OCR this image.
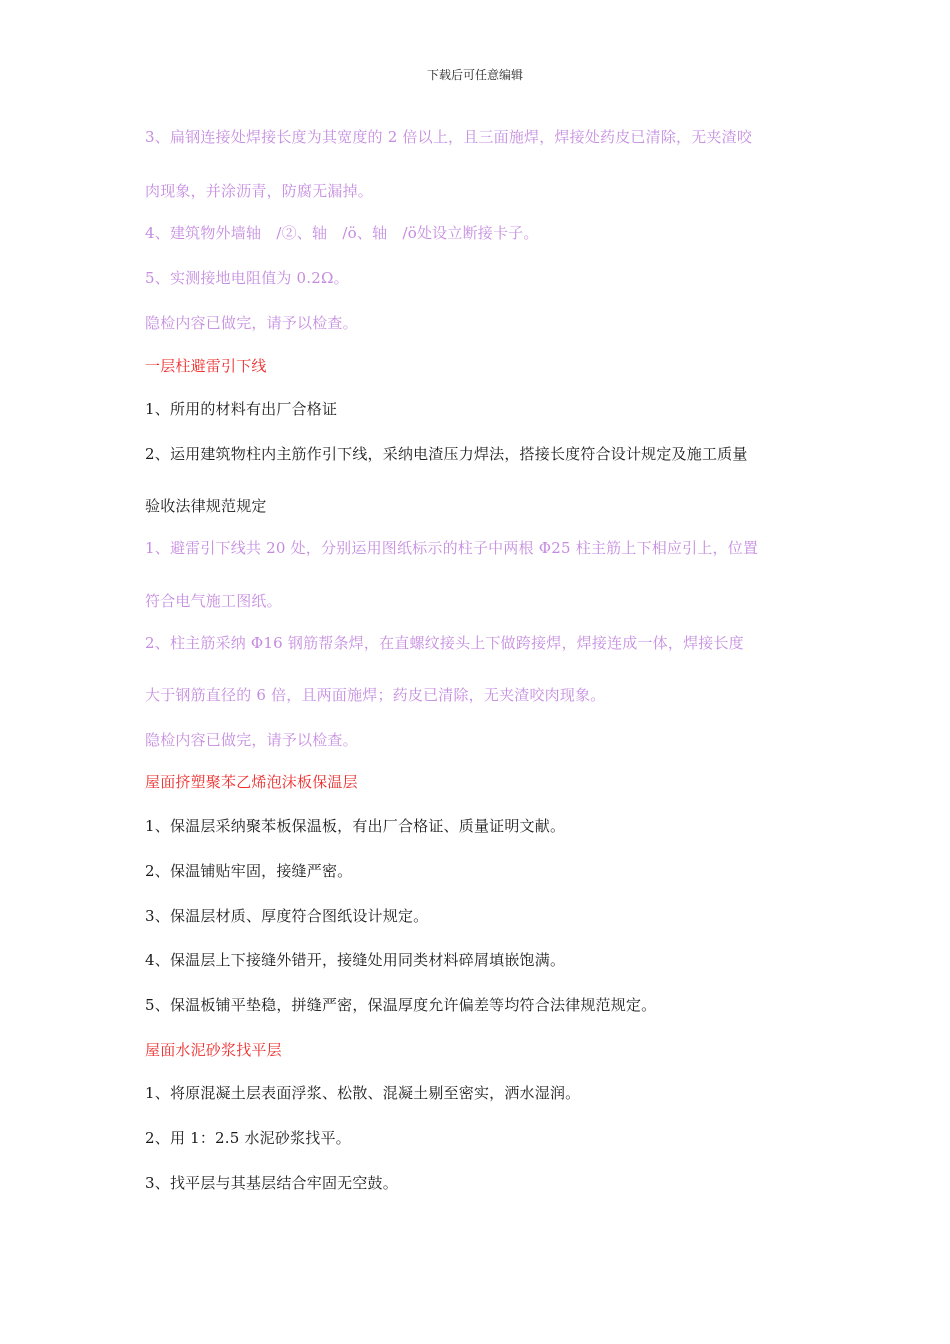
下载后可任意编辑
3、扁钢连接处焊接长度为其宽度的 2 倍以上，且三面施焊，焊接处药皮已清除，无夹渣咬
肉现象，并涂沥青，防腐无漏掉。
4、建筑物外墙轴　/②、轴　/ö、轴　/ö处设立断接卡子。
5、实测接地电阻值为 0.2Ω。
隐检内容已做完，请予以检查。
一层柱避雷引下线
1、所用的材料有出厂合格证
2、运用建筑物柱内主筋作引下线，采纳电渣压力焊法，搭接长度符合设计规定及施工质量
验收法律规范规定
1、避雷引下线共 20 处，分别运用图纸标示的柱子中两根 Φ25 柱主筋上下相应引上，位置
符合电气施工图纸。
2、柱主筋采纳 Φ16 钢筋帮条焊，在直螺纹接头上下做跨接焊，焊接连成一体，焊接长度
大于钢筋直径的 6 倍，且两面施焊；药皮已清除，无夹渣咬肉现象。
隐检内容已做完，请予以检查。
屋面挤塑聚苯乙烯泡沫板保温层
1、保温层采纳聚苯板保温板，有出厂合格证、质量证明文献。
2、保温铺贴牢固，接缝严密。
3、保温层材质、厚度符合图纸设计规定。
4、保温层上下接缝外错开，接缝处用同类材料碎屑填嵌饱满。
5、保温板铺平垫稳，拼缝严密，保温厚度允许偏差等均符合法律规范规定。
屋面水泥砂浆找平层
1、将原混凝土层表面浮浆、松散、混凝土剔至密实，洒水湿润。
2、用 1：2.5 水泥砂浆找平。
3、找平层与其基层结合牢固无空鼓。
